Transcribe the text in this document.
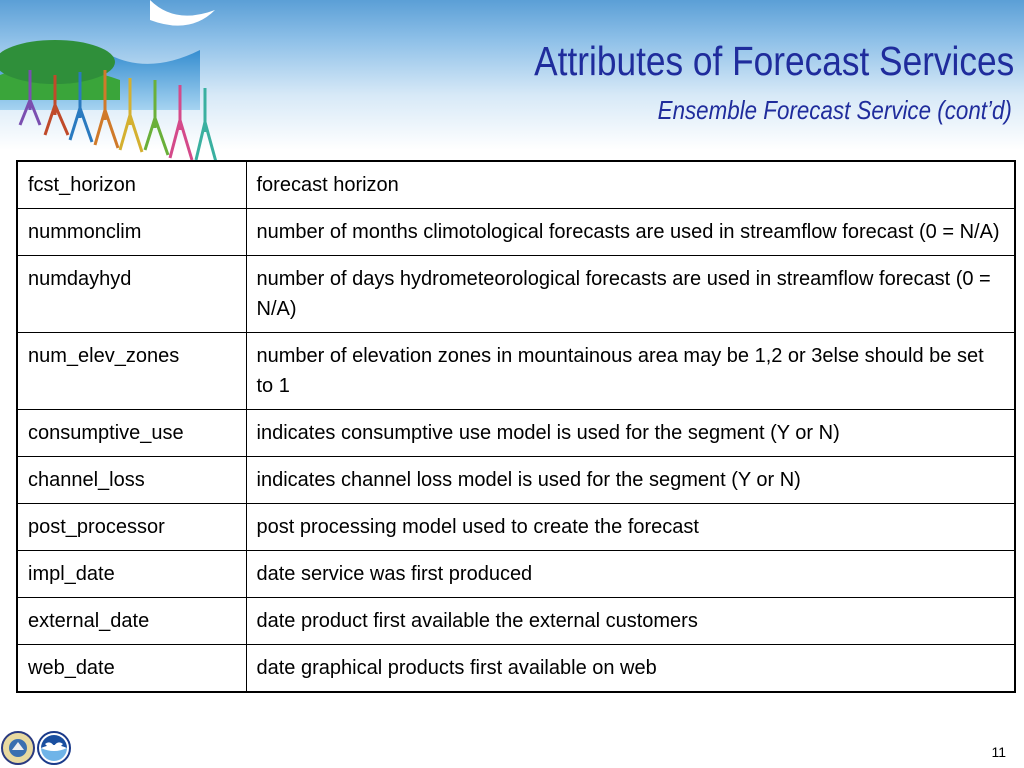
Attributes of Forecast Services
Ensemble Forecast Service (cont’d)
fcst_horizon	forecast horizon
nummonclim	number of months climotological forecasts are used in streamflow forecast (0 = N/A)
numdayhyd	number of days hydrometeorological forecasts are used in streamflow forecast (0 = N/A)
num_elev_zones	number of elevation zones in mountainous area may be 1,2 or 3else should be set to 1
consumptive_use	indicates consumptive use model is used for the segment (Y or N)
channel_loss	indicates channel loss model is used for the segment (Y or N)
post_processor	post processing model used to create the forecast
impl_date	date service was first produced
external_date	date product first available the external customers
web_date	date graphical products first available on web
11
